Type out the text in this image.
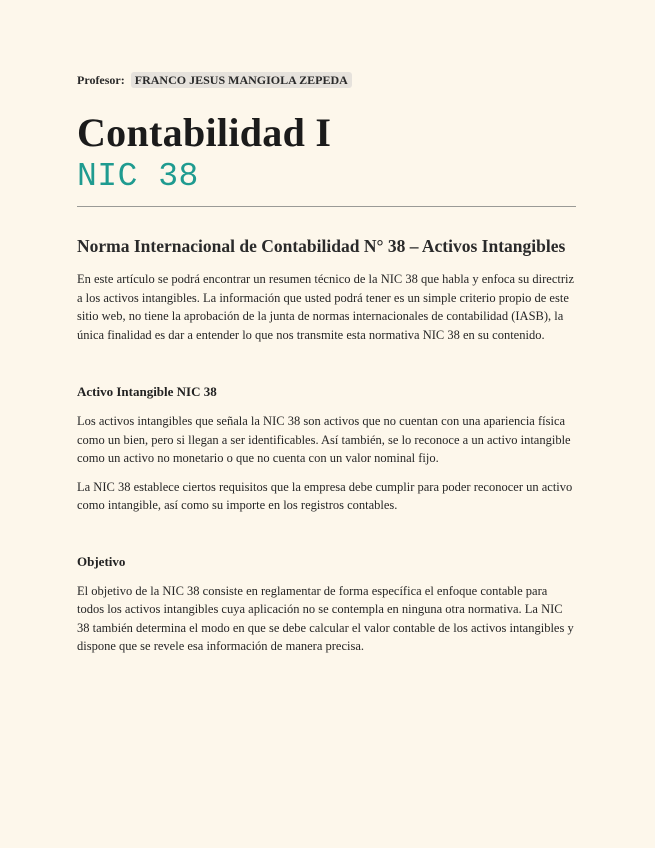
Profesor: FRANCO JESUS MANGIOLA ZEPEDA
Contabilidad I
NIC 38
Norma Internacional de Contabilidad N° 38 – Activos Intangibles

En este artículo se podrá encontrar un resumen técnico de la NIC 38 que habla y enfoca su directriz a los activos intangibles. La información que usted podrá tener es un simple criterio propio de este sitio web, no tiene la aprobación de la junta de normas internacionales de contabilidad (IASB), la única finalidad es dar a entender lo que nos transmite esta normativa NIC 38 en su contenido.

Activo Intangible NIC 38

Los activos intangibles que señala la NIC 38 son activos que no cuentan con una apariencia física como un bien, pero si llegan a ser identificables. Así también, se lo reconoce a un activo intangible como un activo no monetario o que no cuenta con un valor nominal fijo.

La NIC 38 establece ciertos requisitos que la empresa debe cumplir para poder reconocer un activo como intangible, así como su importe en los registros contables.

Objetivo

El objetivo de la NIC 38 consiste en reglamentar de forma específica el enfoque contable para todos los activos intangibles cuya aplicación no se contempla en ninguna otra normativa. La NIC 38 también determina el modo en que se debe calcular el valor contable de los activos intangibles y dispone que se revele esa información de manera precisa.
